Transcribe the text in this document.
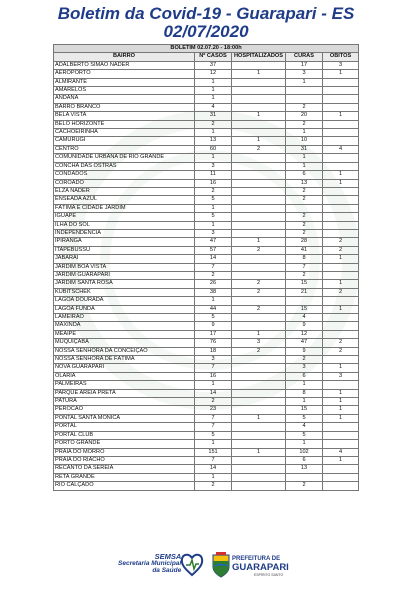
Boletim da Covid-19 - Guarapari - ES
02/07/2020
BOLETIM 02.07.20 - 18:00h				
BAIRRO	Nº CASOS	HOSPITALIZADOS	CURAS	ÓBITOS
ADALBERTO SIMÃO NADER	37		17	3
AEROPORTO	12	1	3	1
ALMIRANTE	1		1	
AMARELOS	1			
ANDANA	1			
BARRO BRANCO	4		2	
BELA VISTA	31	1	20	1
BELO HORIZONTE	2		2	
CACHOEIRINHA	1		1	
CAMURUGI	13	1	10	
CENTRO	60	2	31	4
COMUNIDADE URBANA DE RIO GRANDE	1		1	
CONCHA DAS OSTRAS	3		1	
CONDADOS	11		6	1
COROADO	16		13	1
ELZA NADER	2		2	
ENSEADA AZUL	5		2	
FÁTIMA E CIDADE JARDIM	1			
IGUAPE	5		2	
ILHA DO SOL	1		2	
INDEPENDÊNCIA	3		2	
IPIRANGA	47	1	28	2
ITAPEBUSSU	57	2	41	2
JABARAÍ	14		8	1
JARDIM BOA VISTA	7		7	
JARDIM GUARAPARI	2		2	
JARDIM SANTA ROSA	26	2	15	1
KUBITSCHEK	38	2	21	2
LAGOA DOURADA	1			
LAGOA FUNDA	44	2	15	1
LAMEIRÃO	5		4	
MAXINDA	9		9	
MEAÍPE	17	1	12	
MUQUIÇABA	76	3	47	2
NOSSA SENHORA DA CONCEIÇÃO	18	2	9	2
NOSSA SENHORA DE FÁTIMA	3		2	
NOVA GUARAPARI	7		3	1
OLARIA	16		6	3
PALMEIRAS	1		1	
PARQUE AREIA PRETA	14		8	1
PATURÁ	2		1	1
PEROCÃO	23		15	1
PONTAL SANTA MÔNICA	7	1	5	1
PORTAL	7		4	
PORTAL CLUB	5		5	
PORTO GRANDE	1		1	
PRAIA DO MORRO	151	1	102	4
PRAIA DO RIACHO	7		6	1
RECANTO DA SEREIA	14		13	
RETA GRANDE	1			
RIO CALÇADO	2		2	
SEMSA
Secretaria Municipal
da Saúde
PREFEITURA DE
GUARAPARI
ESPÍRITO SANTO
